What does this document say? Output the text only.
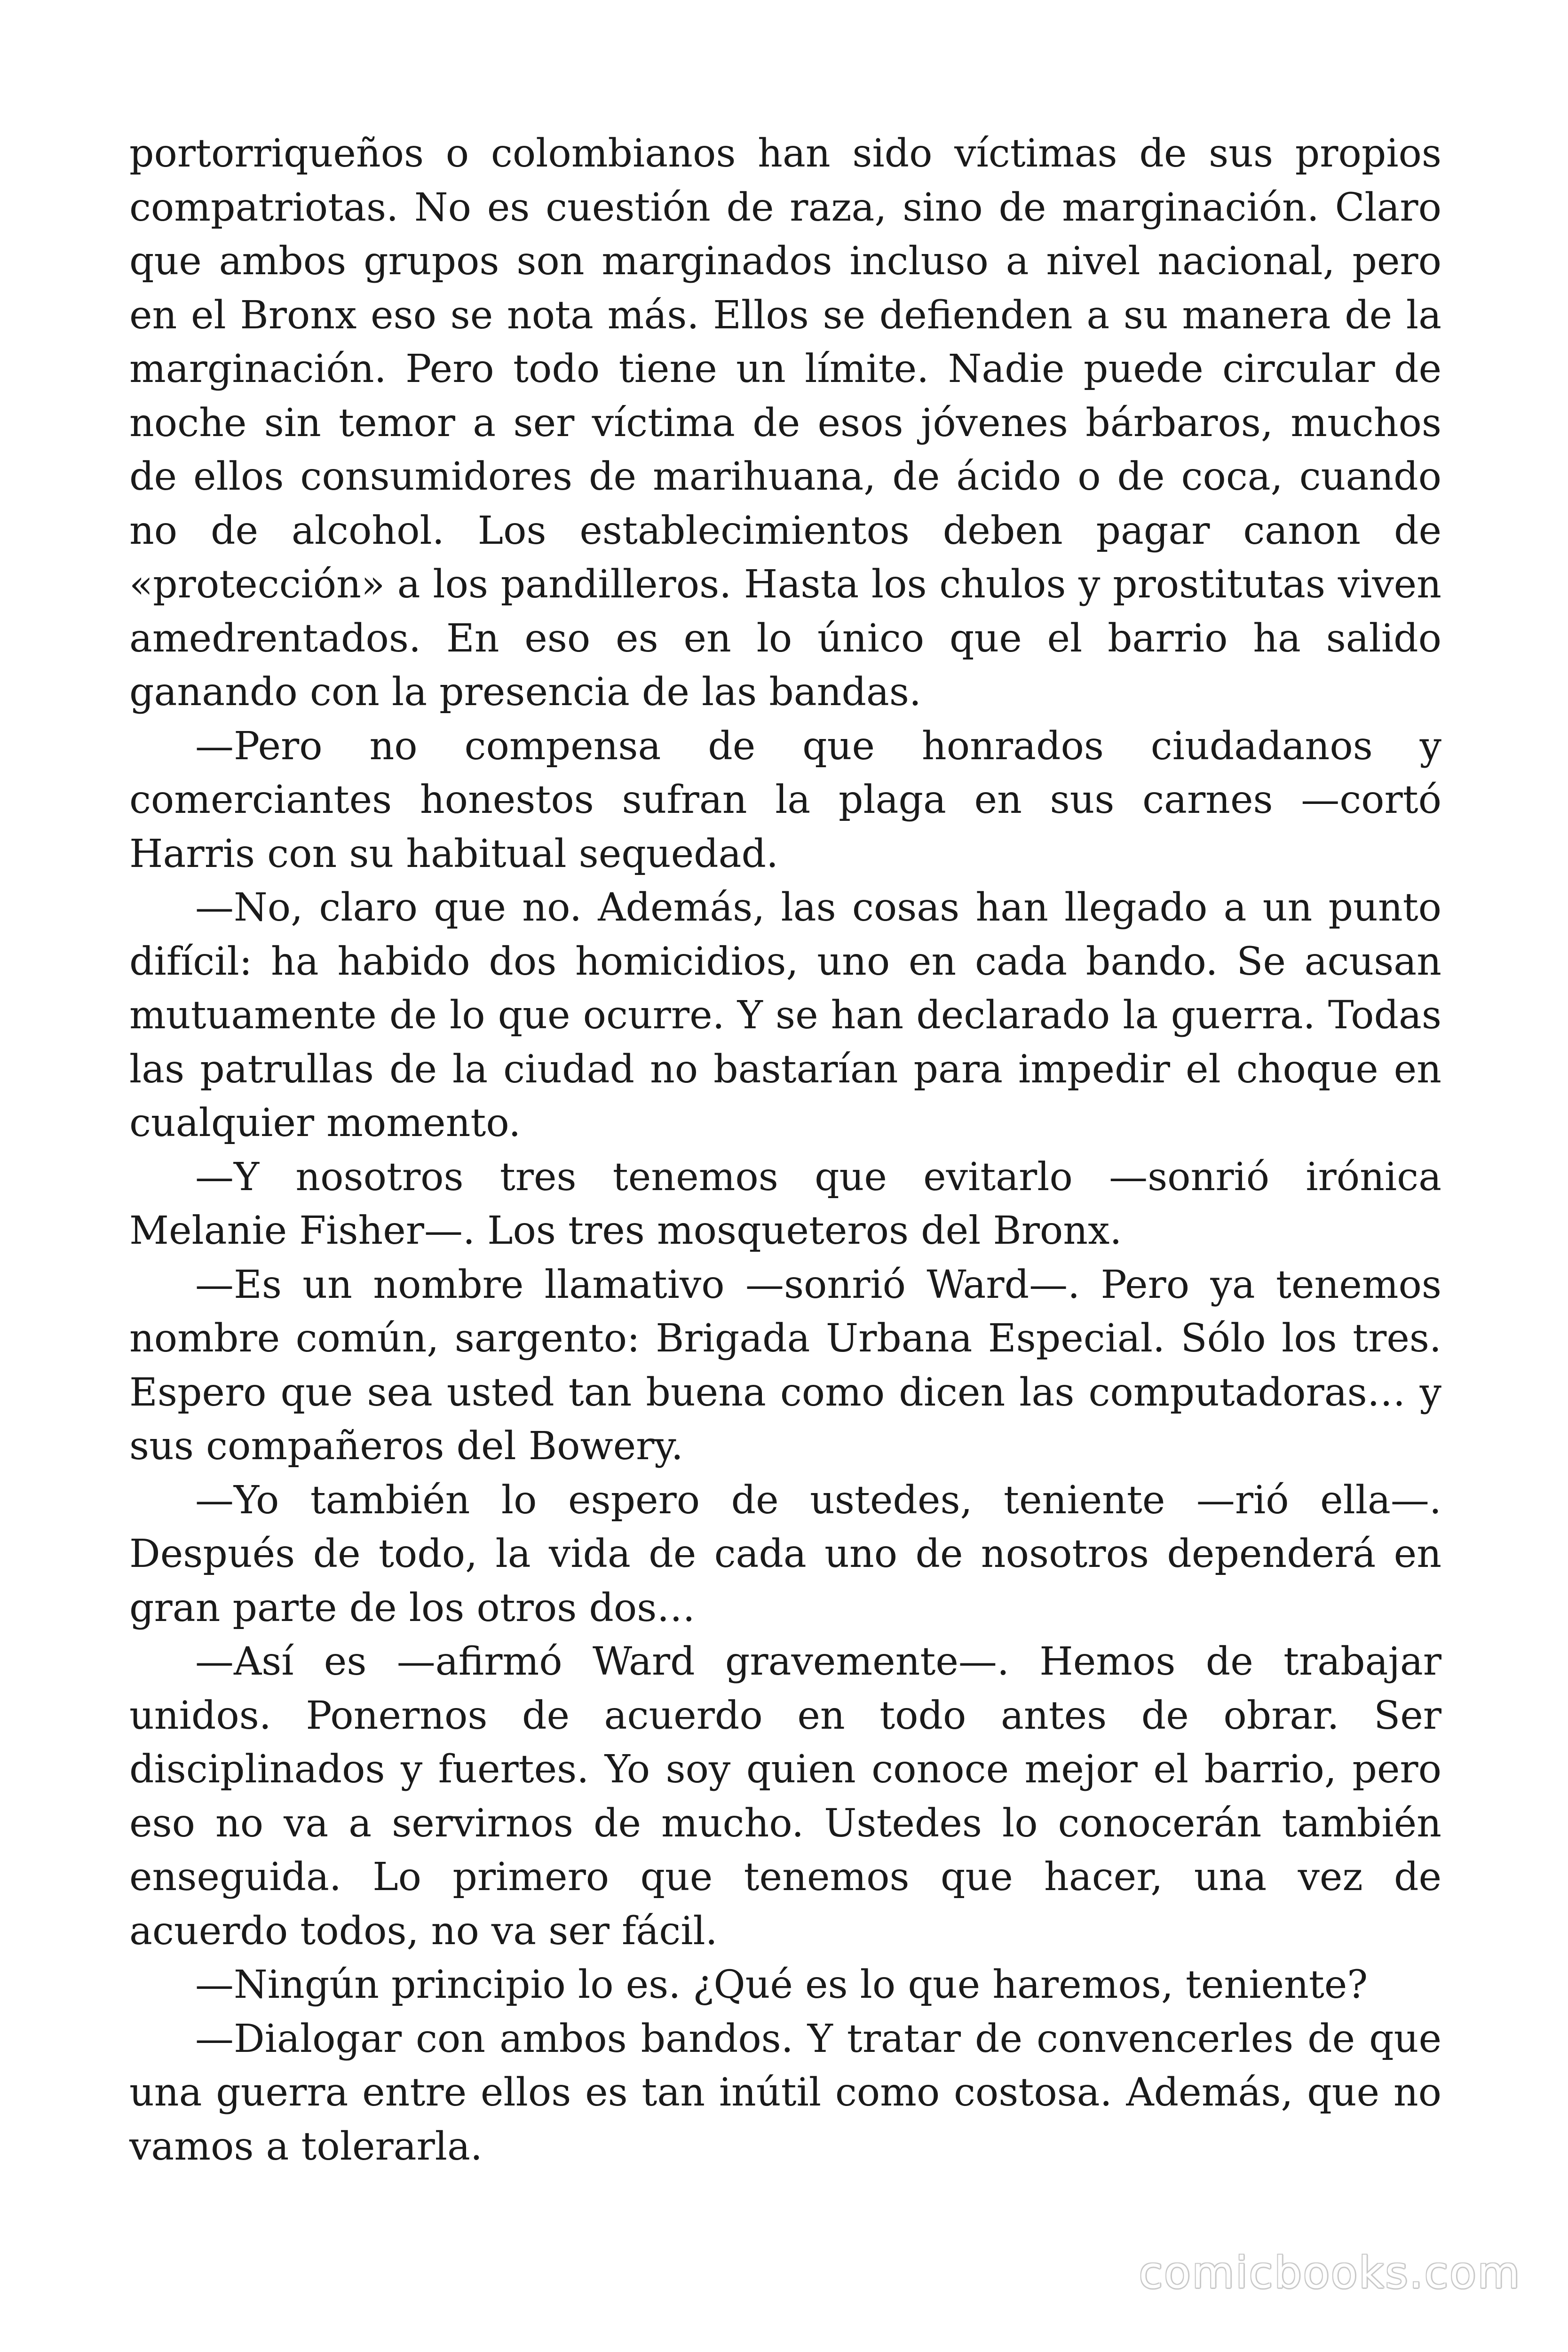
portorriqueños o colombianos han sido víctimas de sus propios compatriotas. No es cuestión de raza, sino de marginación. Claro que ambos grupos son marginados incluso a nivel nacional, pero en el Bronx eso se nota más. Ellos se defienden a su manera de la marginación. Pero todo tiene un límite. Nadie puede circular de noche sin temor a ser víctima de esos jóvenes bárbaros, muchos de ellos consumidores de marihuana, de ácido o de coca, cuando no de alcohol. Los establecimientos deben pagar canon de «protección» a los pandilleros. Hasta los chulos y prostitutas viven amedrentados. En eso es en lo único que el barrio ha salido ganando con la presencia de las bandas.

—Pero no compensa de que honrados ciudadanos y comerciantes honestos sufran la plaga en sus carnes —cortó Harris con su habitual sequedad.

—No, claro que no. Además, las cosas han llegado a un punto difícil: ha habido dos homicidios, uno en cada bando. Se acusan mutuamente de lo que ocurre. Y se han declarado la guerra. Todas las patrullas de la ciudad no bastarían para impedir el choque en cualquier momento.

—Y nosotros tres tenemos que evitarlo —sonrió irónica Melanie Fisher—. Los tres mosqueteros del Bronx.

—Es un nombre llamativo —sonrió Ward—. Pero ya tenemos nombre común, sargento: Brigada Urbana Especial. Sólo los tres. Espero que sea usted tan buena como dicen las computadoras… y sus compañeros del Bowery.

—Yo también lo espero de ustedes, teniente —rió ella—. Después de todo, la vida de cada uno de nosotros dependerá en gran parte de los otros dos…

—Así es —afirmó Ward gravemente—. Hemos de trabajar unidos. Ponernos de acuerdo en todo antes de obrar. Ser disciplinados y fuertes. Yo soy quien conoce mejor el barrio, pero eso no va a servirnos de mucho. Ustedes lo conocerán también enseguida. Lo primero que tenemos que hacer, una vez de acuerdo todos, no va ser fácil.

—Ningún principio lo es. ¿Qué es lo que haremos, teniente?

—Dialogar con ambos bandos. Y tratar de convencerles de que una guerra entre ellos es tan inútil como costosa. Además, que no vamos a tolerarla.

comicbooks.com
